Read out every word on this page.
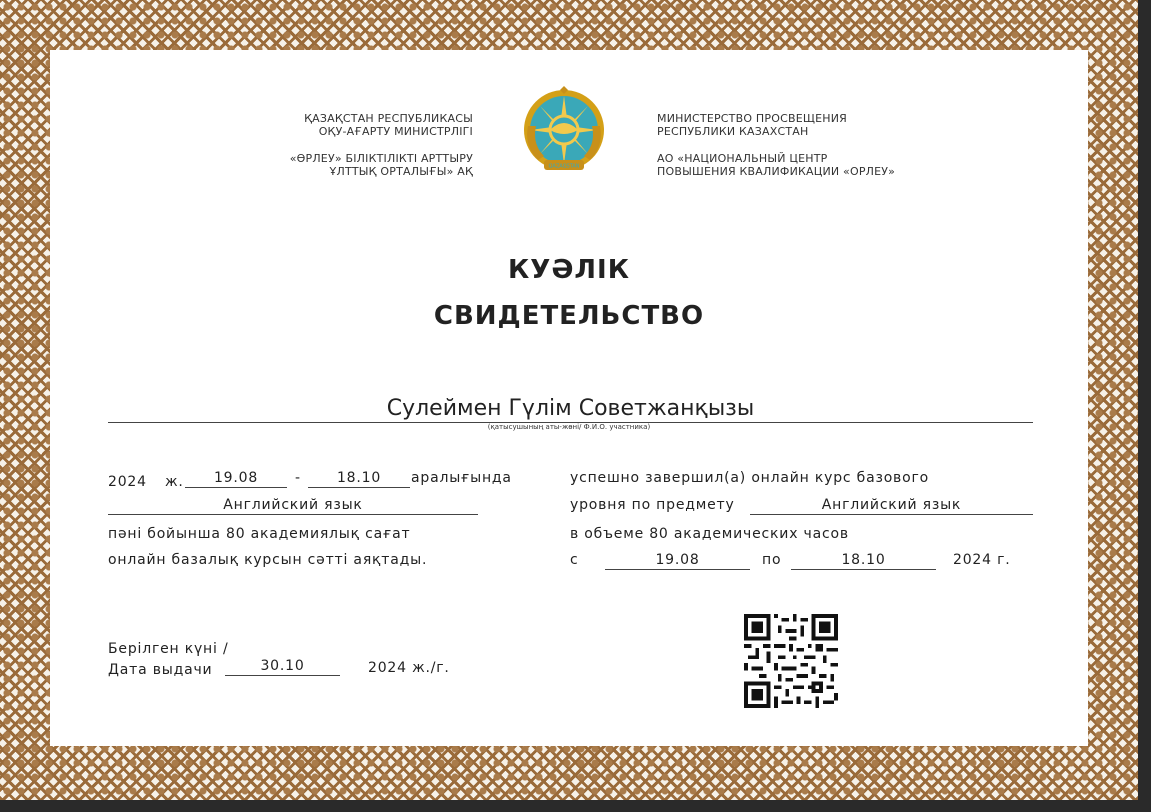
ҚАЗАҚСТАН РЕСПУБЛИКАСЫ
ОҚУ-АҒАРТУ МИНИСТРЛІГІ
«ӨРЛЕУ» БІЛІКТІЛІКТІ АРТТЫРУ
ҰЛТТЫҚ ОРТАЛЫҒЫ» АҚ	QAZAQSTAN
МИНИСТЕРСТВО ПРОСВЕЩЕНИЯ
РЕСПУБЛИКИ КАЗАХСТАН
АО «НАЦИОНАЛЬНЫЙ ЦЕНТР
ПОВЫШЕНИЯ КВАЛИФИКАЦИИ «ОРЛЕУ»
КУӘЛІК
СВИДЕТЕЛЬСТВО
Сулеймен Гүлім Советжанқызы
(қатысушының аты-жөні/ Ф.И.О. участника)
2024 ж.	19.08	-	18.10	аралығында
Английский язык
пәні бойынша 80 академиялық сағат
онлайн базалық курсын сәтті аяқтады.
успешно завершил(а) онлайн курс базового
уровня по предмету	Английский язык
в объеме 80 академических часов
с	19.08	по	18.10	2024 г.
Берілген күні /
Дата выдачи	30.10	2024 ж./г.
